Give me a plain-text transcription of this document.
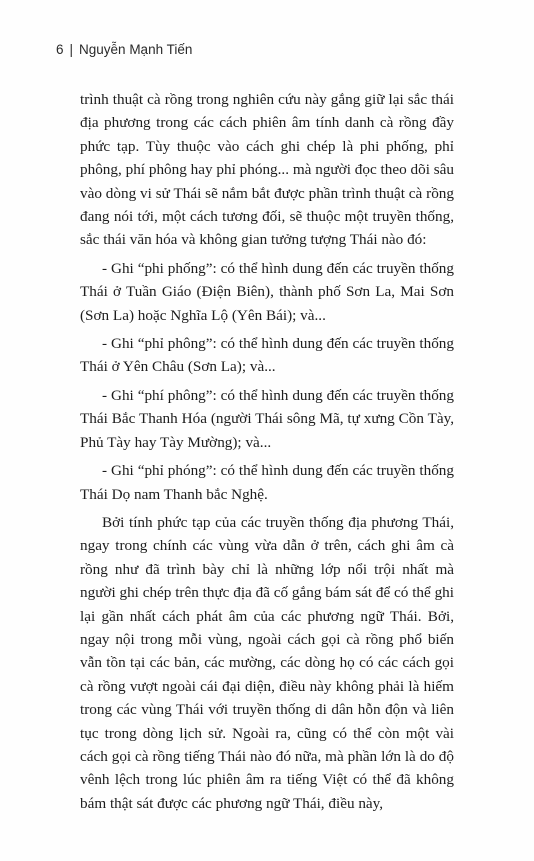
6 | Nguyễn Mạnh Tiến

trình thuật cà rồng trong nghiên cứu này gắng giữ lại sắc thái địa phương trong các cách phiên âm tính danh cà rồng đầy phức tạp. Tùy thuộc vào cách ghi chép là phi phống, phỉ phông, phí phông hay phỉ phóng... mà người đọc theo dõi sâu vào dòng vi sử Thái sẽ nắm bắt được phần trình thuật cà rồng đang nói tới, một cách tương đối, sẽ thuộc một truyền thống, sắc thái văn hóa và không gian tưởng tượng Thái nào đó:

- Ghi “phi phống”: có thể hình dung đến các truyền thống Thái ở Tuần Giáo (Điện Biên), thành phố Sơn La, Mai Sơn (Sơn La) hoặc Nghĩa Lộ (Yên Bái); và...

- Ghi “phỉ phông”: có thể hình dung đến các truyền thống Thái ở Yên Châu (Sơn La); và...

- Ghi “phí phông”: có thể hình dung đến các truyền thống Thái Bắc Thanh Hóa (người Thái sông Mã, tự xưng Cồn Tày, Phủ Tày hay Tày Mường); và...

- Ghi “phỉ phóng”: có thể hình dung đến các truyền thống Thái Dọ nam Thanh bắc Nghệ.

Bởi tính phức tạp của các truyền thống địa phương Thái, ngay trong chính các vùng vừa dẫn ở trên, cách ghi âm cà rồng như đã trình bày chỉ là những lớp nổi trội nhất mà người ghi chép trên thực địa đã cố gắng bám sát để có thể ghi lại gần nhất cách phát âm của các phương ngữ Thái. Bởi, ngay nội trong mỗi vùng, ngoài cách gọi cà rồng phổ biến vẫn tồn tại các bản, các mường, các dòng họ có các cách gọi cà rồng vượt ngoài cái đại diện, điều này không phải là hiếm trong các vùng Thái với truyền thống di dân hỗn độn và liên tục trong dòng lịch sử. Ngoài ra, cũng có thể còn một vài cách gọi cà rồng tiếng Thái nào đó nữa, mà phần lớn là do độ vênh lệch trong lúc phiên âm ra tiếng Việt có thể đã không bám thật sát được các phương ngữ Thái, điều này,
